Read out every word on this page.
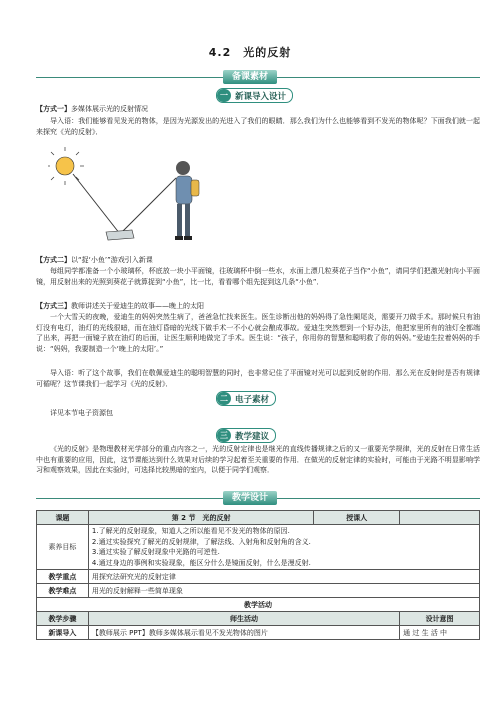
4.2　光的反射
备课素材
一 新课导入设计
【方式一】多媒体展示光的反射情况
导入语：我们能够看见发光的物体，是因为光源发出的光进入了我们的眼睛．那么我们为什么也能够看到不发光的物体呢？下面我们就一起来探究《光的反射》．
【方式二】以“捉‘小鱼’”游戏引入新课
每组同学都准备一个小玻璃杯，杯底放一块小平面镜，往玻璃杯中倒一些水，水面上漂几粒葵花子当作“小鱼”，请同学们把激光射向小平面镜，用反射出来的光照到葵花子就算捉到“小鱼”，比一比，看看哪个组先捉到这几条“小鱼”．
【方式三】教师讲述关于爱迪生的故事——晚上的太阳
一个大雪天的夜晚，爱迪生的妈妈突然生病了，爸爸急忙找来医生。医生诊断出他的妈妈得了急性阑尾炎，需要开刀做手术。那时候只有油灯没有电灯，油灯的光线很暗，而在油灯昏暗的光线下做手术一不小心就会酿成事故。爱迪生突然想到一个好办法，他把家里所有的油灯全都端了出来，再把一面镜子放在油灯的后面，让医生顺利地做完了手术。医生说：“孩子，你用你的智慧和聪明救了你的妈妈。”爱迪生拉着妈妈的手说：“妈妈，我要制造一个‘晚上的太阳’。”
导入语：听了这个故事，我们在敬佩爱迪生的聪明智慧的同时，也非常记住了平面镜对光可以起到反射的作用．那么光在反射时是否有规律可循呢？这节课我们一起学习《光的反射》．
二 电子素材
详见本节电子资源包
三 教学建议
《光的反射》是物理教材光学部分的重点内容之一，光的反射定律也是继光的直线传播规律之后的又一重要光学规律，光的反射在日常生活中也有重要的应用，因此，这节课能达到什么效果对后续的学习起着至关重要的作用．在做光的反射定律的实验时，可能由于光路不明显影响学习和观察效果，因此在实验时，可选择比较黑暗的室内，以便于同学们观察．
教学设计
课题	第 2 节　光的反射	授课人	
素养目标	1.了解光的反射现象，知道人之所以能看见不发光的物体的原因.
2.通过实验探究了解光的反射规律，了解法线、入射角和反射角的含义.
3.通过实验了解反射现象中光路的可逆性.
4.通过身边的事例和实验现象，能区分什么是镜面反射，什么是漫反射.		

教学重点	用探究法研究光的反射定律		
教学难点	用光的反射解释一些简单现象		
教学活动			
教学步骤	师生活动		设计意图
新课导入	【教师展示 PPT】教师多媒体展示看见不发光物体的图片		通 过 生 活 中
